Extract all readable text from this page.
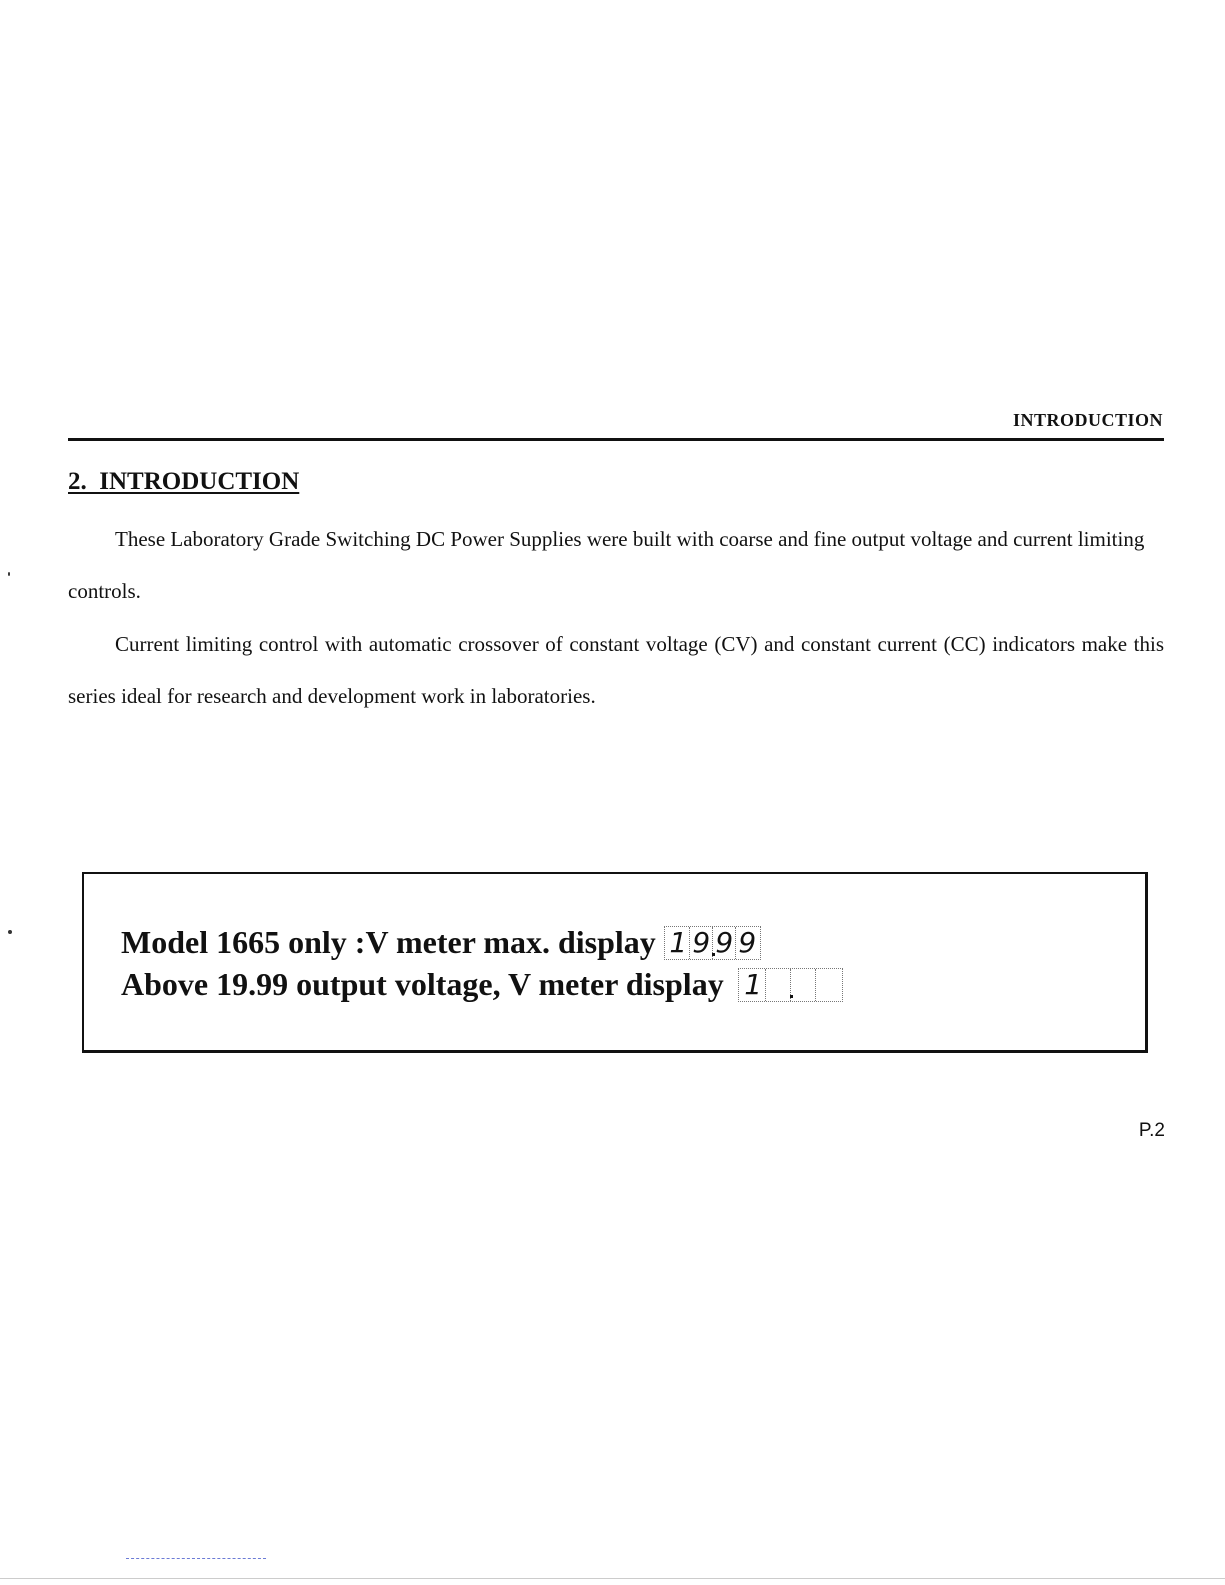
INTRODUCTION
2.  INTRODUCTION

These Laboratory Grade Switching DC Power Supplies were built with coarse and fine output voltage and current limiting controls.

Current limiting control with automatic crossover of constant voltage (CV) and constant current (CC) indicators make this series ideal for research and development work in laboratories.

Model 1665 only :V meter max. display 1 9 9 9
Above 19.99 output voltage, V meter display 1
P.2
